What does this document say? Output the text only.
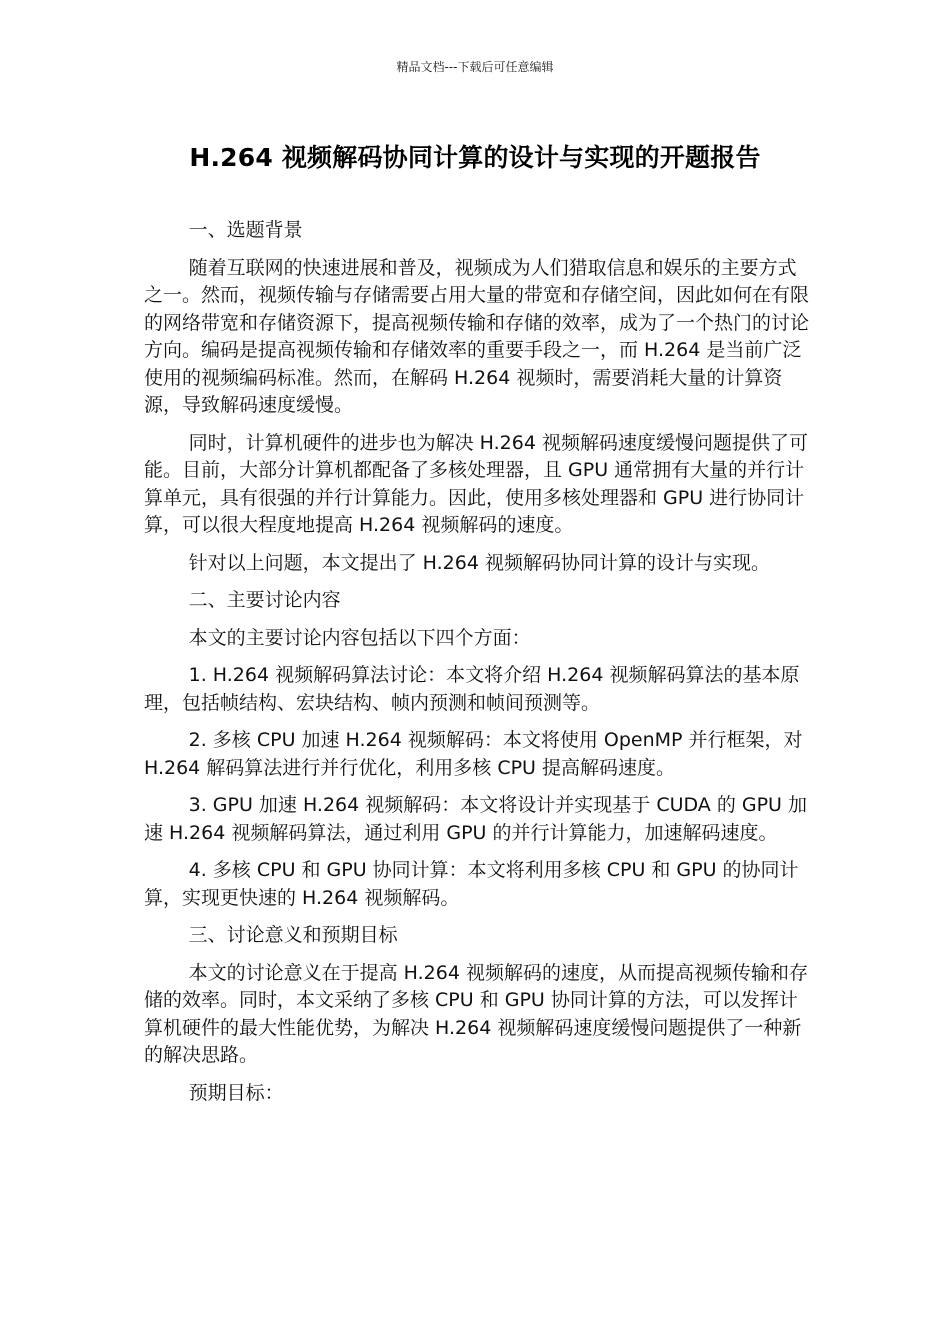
精品文档---下载后可任意编辑
H.264 视频解码协同计算的设计与实现的开题报告

一、选题背景

随着互联网的快速进展和普及，视频成为人们猎取信息和娱乐的主要方式之一。然而，视频传输与存储需要占用大量的带宽和存储空间，因此如何在有限的网络带宽和存储资源下，提高视频传输和存储的效率，成为了一个热门的讨论方向。编码是提高视频传输和存储效率的重要手段之一，而 H.264 是当前广泛使用的视频编码标准。然而，在解码 H.264 视频时，需要消耗大量的计算资源，导致解码速度缓慢。

同时，计算机硬件的进步也为解决 H.264 视频解码速度缓慢问题提供了可能。目前，大部分计算机都配备了多核处理器，且 GPU 通常拥有大量的并行计算单元，具有很强的并行计算能力。因此，使用多核处理器和 GPU 进行协同计算，可以很大程度地提高 H.264 视频解码的速度。

针对以上问题，本文提出了 H.264 视频解码协同计算的设计与实现。

二、主要讨论内容

本文的主要讨论内容包括以下四个方面：

1. H.264 视频解码算法讨论：本文将介绍 H.264 视频解码算法的基本原理，包括帧结构、宏块结构、帧内预测和帧间预测等。

2. 多核 CPU 加速 H.264 视频解码：本文将使用 OpenMP 并行框架，对 H.264 解码算法进行并行优化，利用多核 CPU 提高解码速度。

3. GPU 加速 H.264 视频解码：本文将设计并实现基于 CUDA 的 GPU 加速 H.264 视频解码算法，通过利用 GPU 的并行计算能力，加速解码速度。

4. 多核 CPU 和 GPU 协同计算：本文将利用多核 CPU 和 GPU 的协同计算，实现更快速的 H.264 视频解码。

三、讨论意义和预期目标

本文的讨论意义在于提高 H.264 视频解码的速度，从而提高视频传输和存储的效率。同时，本文采纳了多核 CPU 和 GPU 协同计算的方法，可以发挥计算机硬件的最大性能优势，为解决 H.264 视频解码速度缓慢问题提供了一种新的解决思路。

预期目标：
